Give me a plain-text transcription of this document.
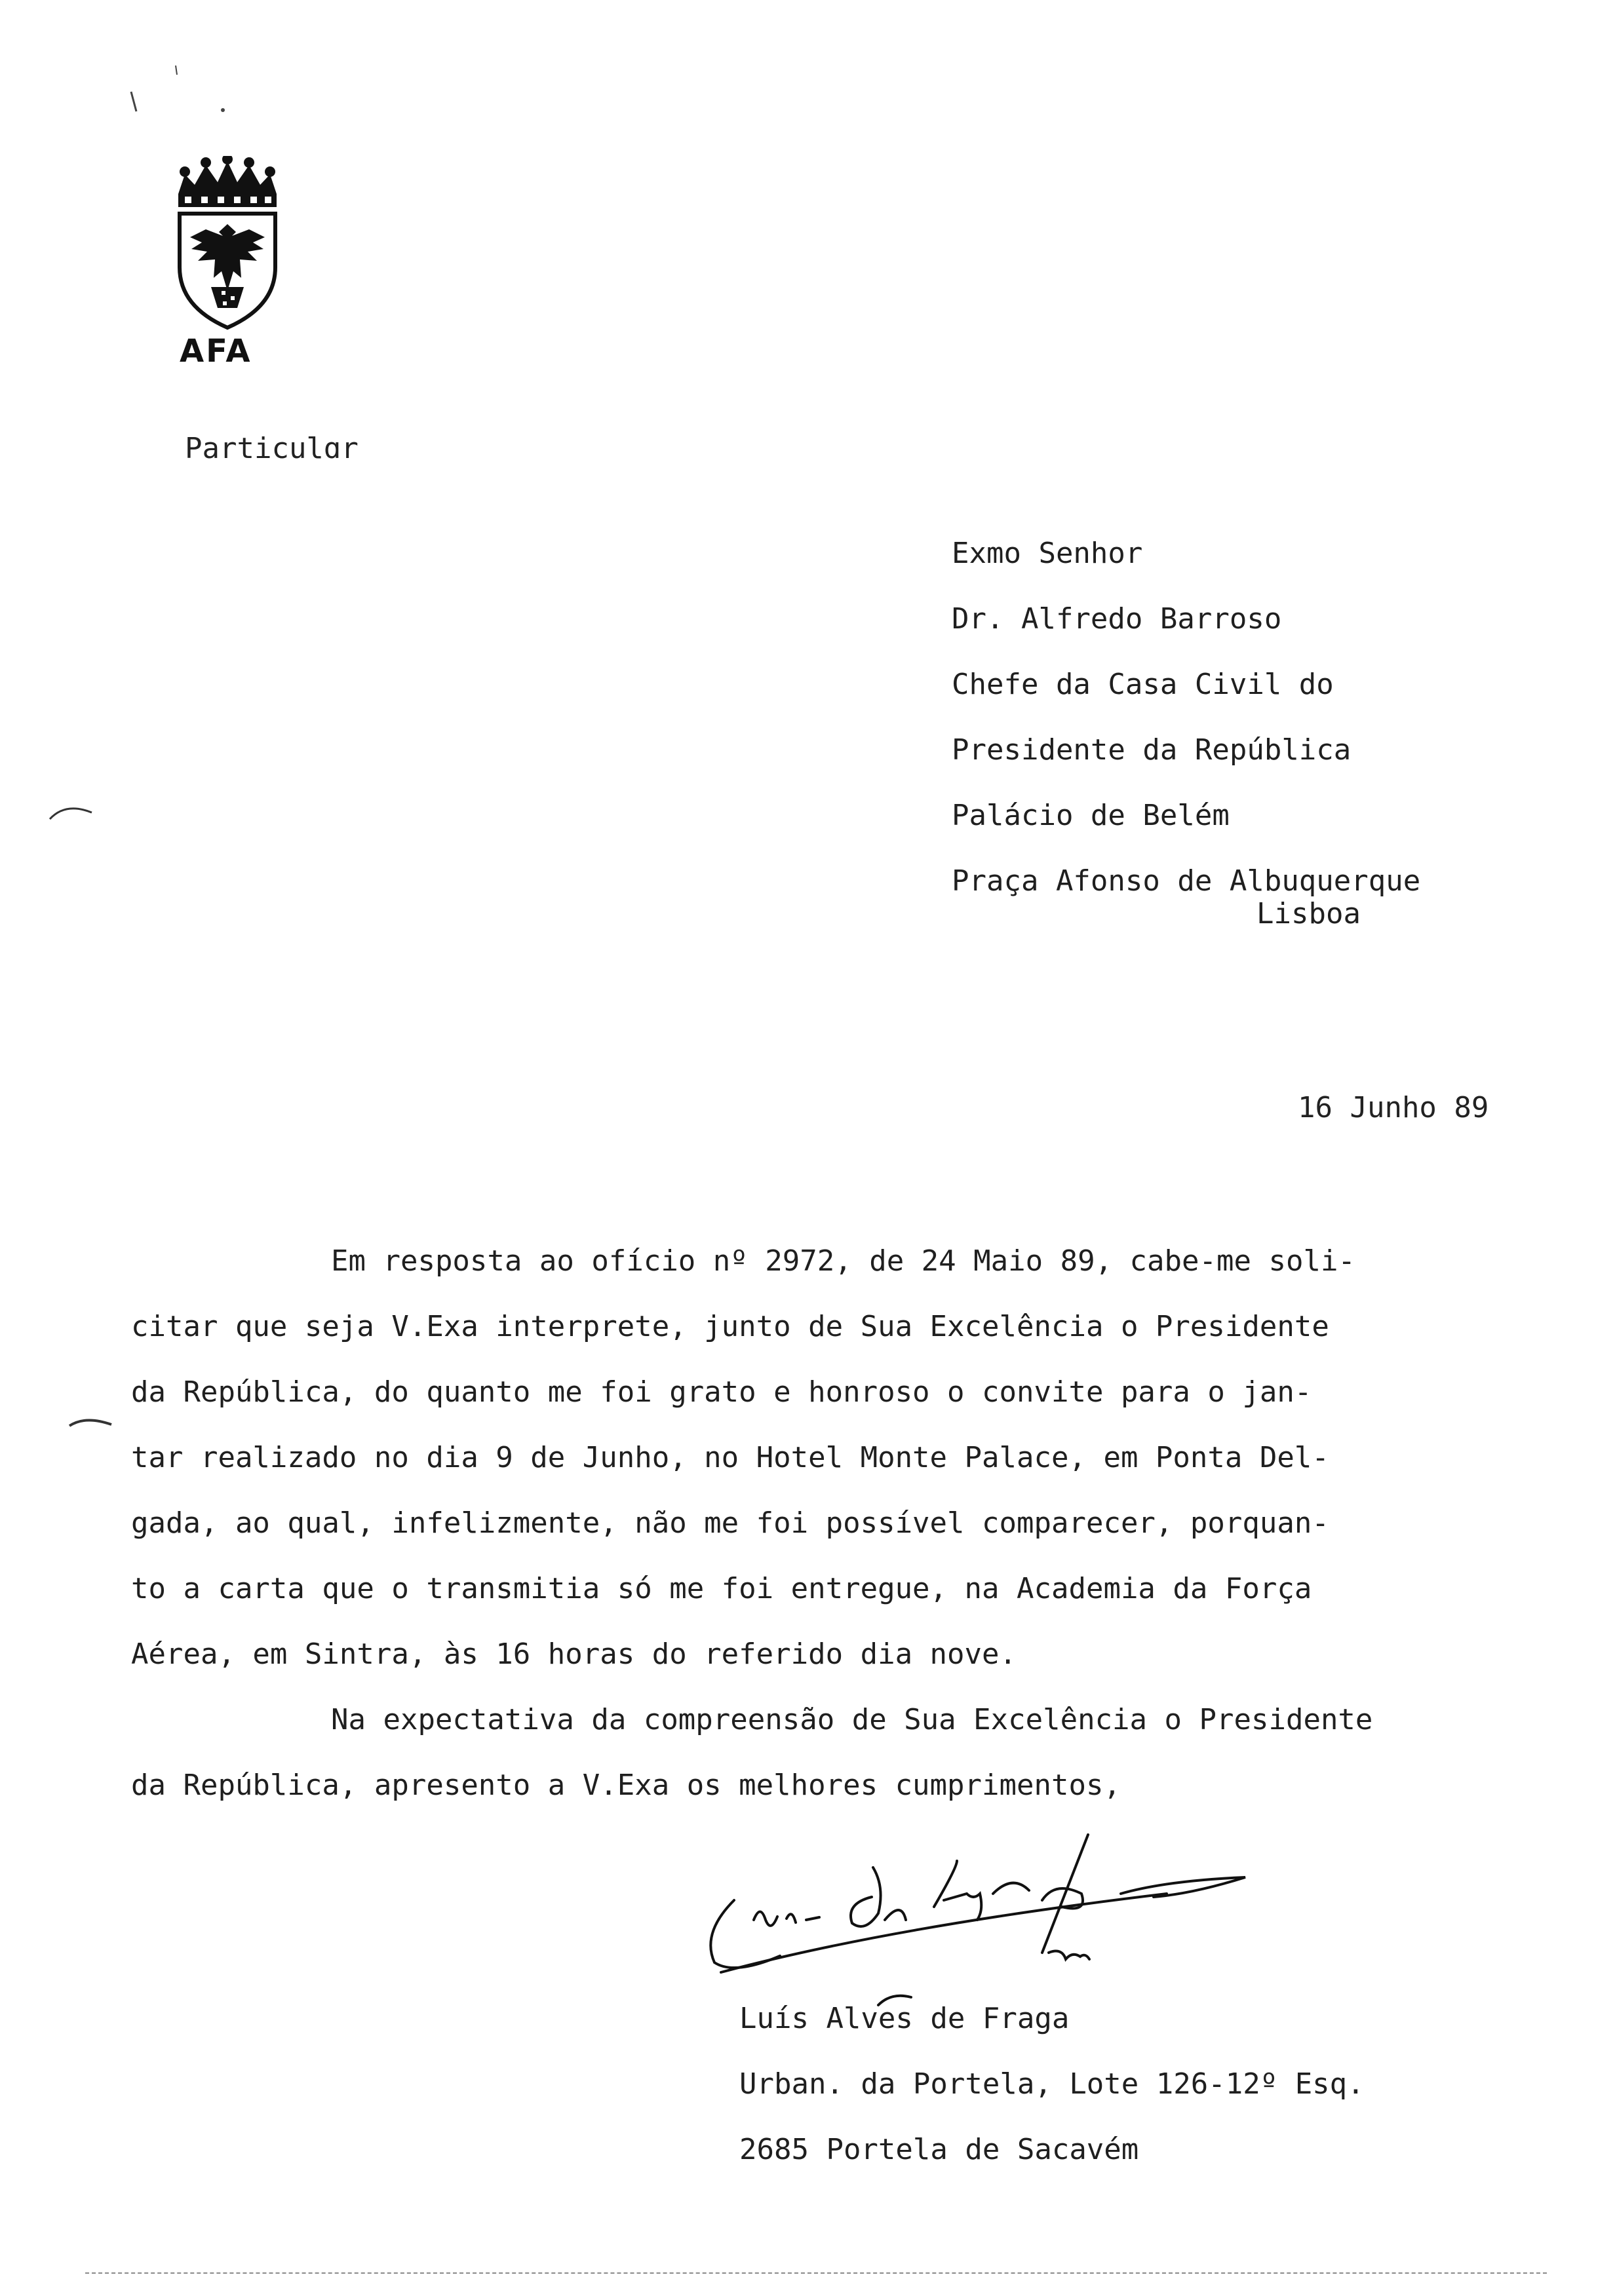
AFA
Particulɑr
Exmo Senhor
Dr. Alfredo Barroso
Chefe da Casa Civil do
Presidente da República
Palácio de Belém
Praça Afonso de Albuquerque
Lisboa
16 Junho 89
Em resposta ao ofício nº 2972, de 24 Maio 89, cabe-me soli-
citar que seja V.Exa interprete, junto de Sua Excelência o Presidente
da República, do quanto me foi grato e honroso o convite para o jan-
tar realizado no dia 9 de Junho, no Hotel Monte Palace, em Ponta Del-
gada, ao qual, infelizmente, não me foi possível comparecer, porquan-
to a carta que o transmitia só me foi entregue, na Academia da Força
Aérea, em Sintra, às 16 horas do referido dia nove.
Na expectativa da compreensão de Sua Excelência o Presidente
da República, apresento a V.Exa os melhores cumprimentos,
Luís Alves de Fraga
Urban. da Portela, Lote 126-12º Esq.
2685 Portela de Sacavém
